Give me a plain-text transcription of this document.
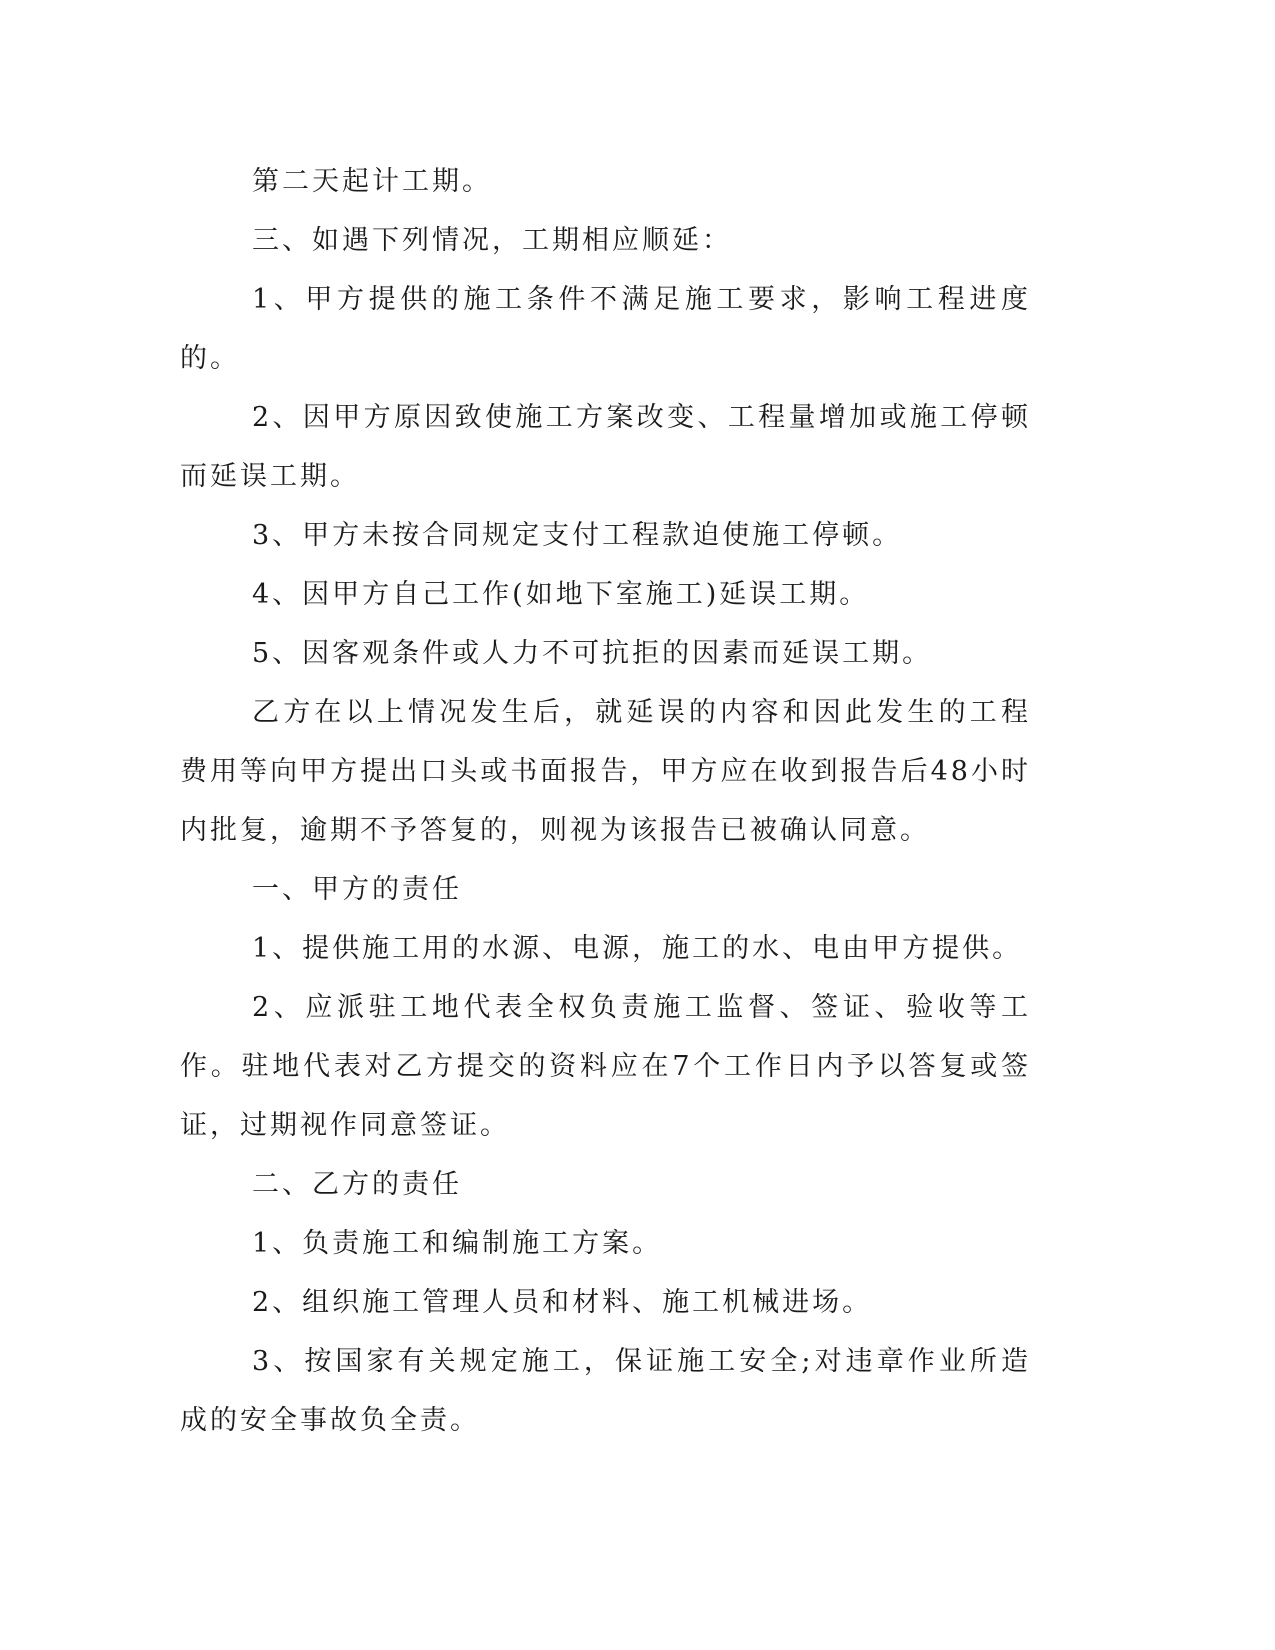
第二天起计工期。

三、如遇下列情况，工期相应顺延：

1、甲方提供的施工条件不满足施工要求，影响工程进度的。

2、因甲方原因致使施工方案改变、工程量增加或施工停顿而延误工期。

3、甲方未按合同规定支付工程款迫使施工停顿。

4、因甲方自己工作(如地下室施工)延误工期。

5、因客观条件或人力不可抗拒的因素而延误工期。

乙方在以上情况发生后，就延误的内容和因此发生的工程费用等向甲方提出口头或书面报告，甲方应在收到报告后48小时内批复，逾期不予答复的，则视为该报告已被确认同意。

一、甲方的责任

1、提供施工用的水源、电源，施工的水、电由甲方提供。

2、应派驻工地代表全权负责施工监督、签证、验收等工作。驻地代表对乙方提交的资料应在7个工作日内予以答复或签证，过期视作同意签证。

二、乙方的责任

1、负责施工和编制施工方案。

2、组织施工管理人员和材料、施工机械进场。

3、按国家有关规定施工，保证施工安全;对违章作业所造成的安全事故负全责。
